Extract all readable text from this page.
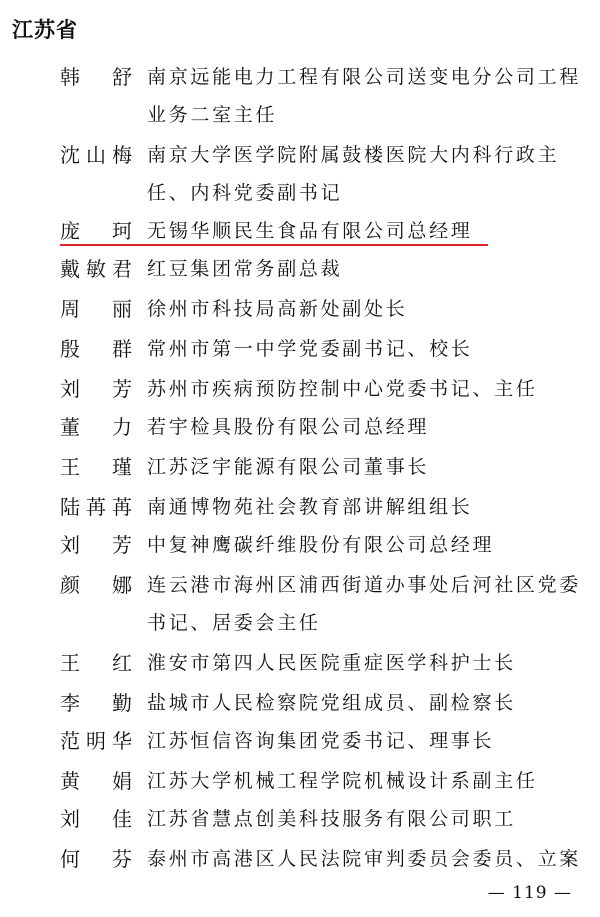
江苏省
韩 舒 南京远能电力工程有限公司送变电分公司工程业务二室主任
沈 山 梅 南京大学医学院附属鼓楼医院大内科行政主任、内科党委副书记
庞 珂 无锡华顺民生食品有限公司总经理
戴 敏 君 红豆集团常务副总裁
周 丽 徐州市科技局高新处副处长
殷 群 常州市第一中学党委副书记、校长
刘 芳 苏州市疾病预防控制中心党委书记、主任
董 力 若宇检具股份有限公司总经理
王 瑾 江苏泛宇能源有限公司董事长
陆 苒 苒 南通博物苑社会教育部讲解组组长
刘 芳 中复神鹰碳纤维股份有限公司总经理
颜 娜 连云港市海州区浦西街道办事处后河社区党委书记、居委会主任
王 红 淮安市第四人民医院重症医学科护士长
李 勤 盐城市人民检察院党组成员、副检察长
范 明 华 江苏恒信咨询集团党委书记、理事长
黄 娟 江苏大学机械工程学院机械设计系副主任
刘 佳 江苏省慧点创美科技服务有限公司职工
何 芬 泰州市高港区人民法院审判委员会委员、立案
— 119 —
